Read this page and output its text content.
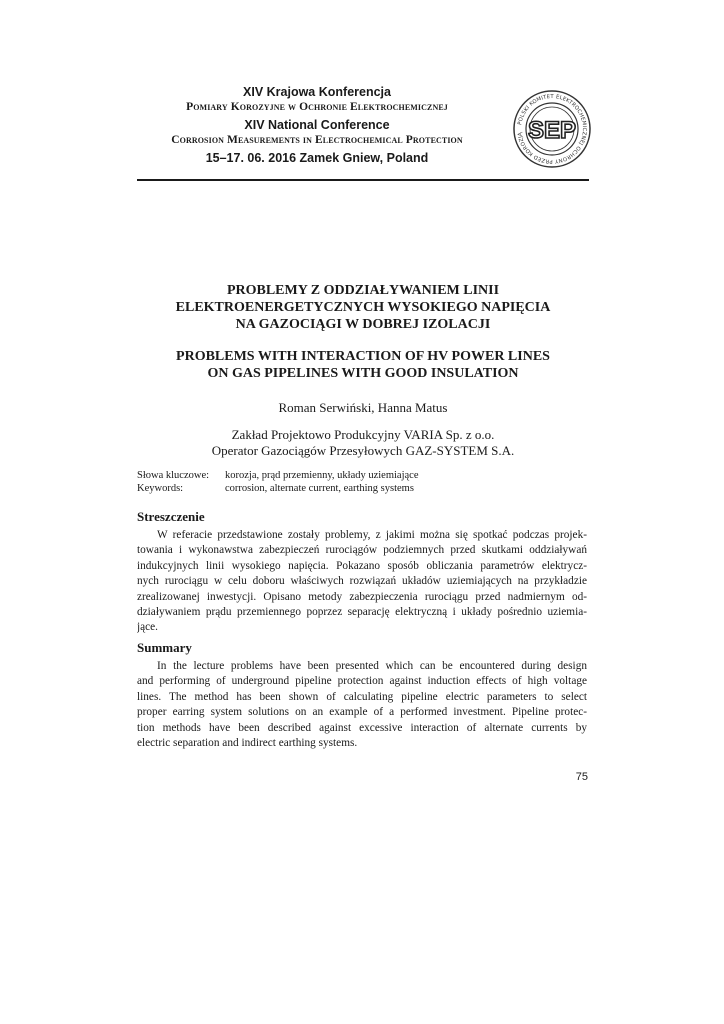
XIV Krajowa Konferencja
Pomiary Korozyjne w Ochronie Elektrochemicznej
XIV National Conference
Corrosion Measurements in Electrochemical Protection
15–17. 06. 2016 Zamek Gniew, Poland
POLSKI KOMITET ELEKTROCHEMICZNEJ OCHRONY PRZED KOROZJĄ SEP
PROBLEMY Z ODDZIAŁYWANIEM LINII
ELEKTROENERGETYCZNYCH WYSOKIEGO NAPIĘCIA
NA GAZOCIĄGI W DOBREJ IZOLACJI
PROBLEMS WITH INTERACTION OF HV POWER LINES
ON GAS PIPELINES WITH GOOD INSULATION
Roman Serwiński, Hanna Matus
Zakład Projektowo Produkcyjny VARIA Sp. z o.o.
Operator Gazociągów Przesyłowych GAZ-SYSTEM S.A.
Słowa kluczowe: korozja, prąd przemienny, układy uziemiające
Keywords:	corrosion, alternate current, earthing systems
Streszczenie
W referacie przedstawione zostały problemy, z jakimi można się spotkać podczas projek-
towania i wykonawstwa zabezpieczeń rurociągów podziemnych przed skutkami oddziaływań
indukcyjnych linii wysokiego napięcia. Pokazano sposób obliczania parametrów elektrycz-
nych rurociągu w celu doboru właściwych rozwiązań układów uziemiających na przykładzie
zrealizowanej inwestycji. Opisano metody zabezpieczenia rurociągu przed nadmiernym od-
działywaniem prądu przemiennego poprzez separację elektryczną i układy pośrednio uziemia-
jące.
Summary
In the lecture problems have been presented which can be encountered during design
and performing of underground pipeline protection against induction effects of high voltage
lines. The method has been shown of calculating pipeline electric parameters to select
proper earring system solutions on an example of a performed investment. Pipeline protec-
tion methods have been described against excessive interaction of alternate currents by
electric separation and indirect earthing systems.
75
